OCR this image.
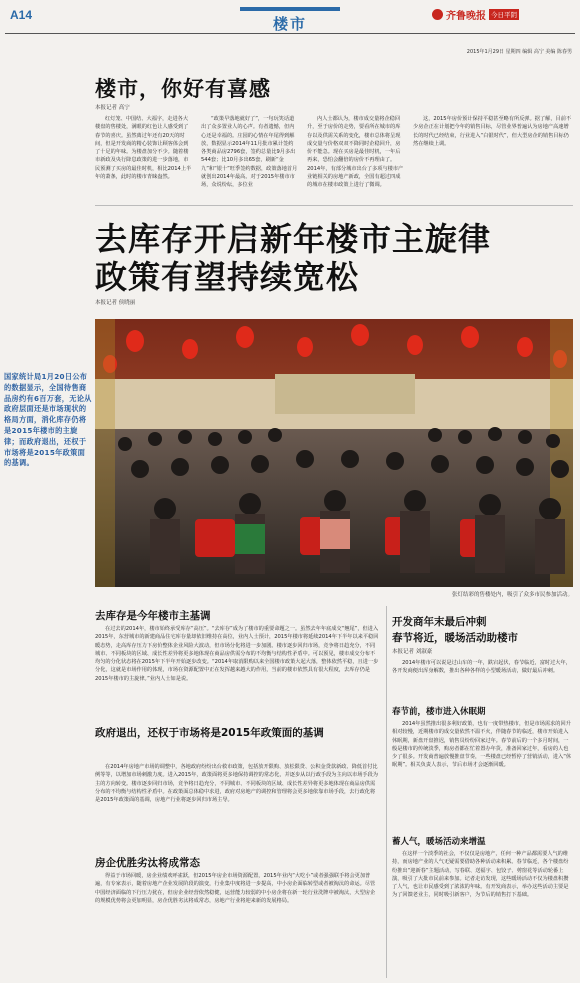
A14	楼市	齐鲁晚报 今日平阴
2015年1月29日 星期四 编辑 高宁 美编 陈春男
楼市，你好有喜感
本报记者 高宁

红灯笼、中国结、大福字，走进各大楼盘的售楼处，满眼的红色让人感受到了春节的喜庆。虽然离过年还有20天的时间，但是开发商的精心装饰让顾客体会到了十足的年味。为楼盘加分不少。随着楼市新政及央行降息政策的进一步落地，市民预测了买房的最佳时机，相比2014上半年的萧条，此时的楼市青睐盎然。

“政策早落地就好了”，一句玩笑话道出了众多置业人的心声。有者遗憾，但内心还是幸福的。庄园的心情在年尾得到解放，数据显示2014年11月批市累计签约各类商品房2796套，签约总量比9月多出544套；比10月多出65套，刷新“金九”和“银十”旺季签约数据，政策落地首月就创出2014年最高。对于2015年楼市市场，众说纷纭，多位业

内人士都认为，楼市成交量将企稳回升，至于房价的走势，要看所在城市的库存以及供需关系的变化，楼市总体将呈现成交量与价格双双不降同时企稳回升，房价不能急。现在买房是最佳时机，一年后再来，恐怕会翻倍的房价不再理由了。2014年，有部分城市出台了多项与楼市产业链相关的房地产新政，全国有超过四成的城市在楼市政策上进行了微调。

这，2015年房价预计保持平稳甚至略有所反弹。据了解，目前不少房企正在计划把今年的销售目标，尽管业界普遍认为房地产高速增长的时代已经结束，行业进入“白银时代”，但大型房企的销售目标仍然在继续上调。

去库存开启新年楼市主旋律
政策有望持续宽松
本报记者 侯晓丽
国家统计局1月20日公布的数据显示，全国待售商品房约有6百万套，无论从政府层面还是市场现状的格局方面，消化库存仍将是2015年楼市的主旋律；而政府退出，还权于市场将是2015年政策面的基调。
张灯结彩的售楼处内，吸引了众多市民参加活动。
去库存是今年楼市主基调

在过去的2014年，楼市始终承受库存“高压”。“去库存”成为了楼市的重要命题之一。虽然去年年底成交“翘尾”，但进入2015年，东营城市的新建商品住宅库存量却依旧维持在高位，业内人士预计，2015年楼市将延续2014年下半年以来平稳回暖态势，走高库存压力下房价整体企业风险大波动，但市场分化将进一步加剧。楼市逐步回归市场，竞争将日趋充分，不同城市、不同板块的区域、成长性差异将更多地体现在商品房供需分布的不均衡与结构性矛盾中。可以预见，楼市成交分布不均匀的分化状态将在2015年下半年开始逐步改变。“2014年取消限购以来全国楼市政策大起大落，整体依然平稳，且进一步分化，这就是市场作用的体现，市场在资源配置中正在发挥越来越大的作用，当前的楼市依然具有很大程度，去库存仍是2015年楼市的主旋律。”业内人士如是说。

政府退出，还权于市场将是2015年政策面的基调

在2014年房地产市场的调整中，各地政府纷纷出台救市政策，包括放开限购、放松限贷、公积金贷款新政、降低首付比例等等，以增加市场刺激力度。进入2015年，政策面将更多地保持调控的常态化，并逐步从以行政手段为主向以市场手段为主的方向转变。楼市逐步回归市场，竞争将日趋充分，不同城市、不同板块的区域、成长性差异将更多地体现在商品房供需分布的不均衡与结构性矛盾中。在政策面总体稳中求进，政府对房地产的调控和管理将会更多地依靠市场手段，去行政化将是2015年政策面的基调，房地产行业将逐步回归市场主导。

房企优胜劣汰将成常态

得益于市场回暖，房企业绩欢呼雀跃，但2015年房企市场资源配置，2015年业内“大吃小”或者强强联手将会更加普遍，有专家表示，随着房地产企业发展阶段的演变，行业集中度将进一步提高，中小房企面临转型或者被淘汰的命运。尽管中国经济面临的下行压力犹在，但房企业经营依然稳健，运营能力较弱的中小房企将在新一轮行业洗牌中被淘汰，大型房企的规模优势将会更加明显，房企优胜劣汰将成常态，房地产行业将迎来新的发展格局。

开发商年末最后冲刺
春节将近，暖场活动助楼市
本报记者 刘淑豪

2014年楼市可以说是过山车的一年，跌宕起伏，春节临近，富时过大年，各开发商便出浑身解数，推出各种各样的小型暖场活动，做好最后冲刺。

春节前，楼市进入休眠期

2014年虽然推出很多利好政策，也有一度带热楼市，但是市场需求的回升相对较慢，近期楼市的成交量依然不温不火，伴随春节的临近，楼市开始进入休眠期，新盘开盘推迟，销售员纷纷回家过年。春节前后的一个多月时间，一般是楼市的传统淡季，购房者都在忙着置办年货，准备回家过年，看房的人也少了很多。开发商普遍放慢推盘节奏，一些楼盘已经暂停了营销活动，进入“休眠期”。相关负责人表示，节后市场才会逐渐回暖。

蓄人气，暖场活动来增温

在这样一个淡季的社会，不仅仅是房地产，任何一种产品都需要人气的维持，而房地产业的人气无疑需要借助各种活动来积累。春节临近，各个楼盘纷纷推出“迎新春”主题活动，写春联、送福字、包饺子、剪窗花等活动轮番上演，吸引了大批市民前来参加。记者走访发现，这些暖场活动不仅为楼盘积攒了人气，也让市民感受到了浓浓的年味。有开发商表示，举办这些活动主要是为了回馈老业主，同时吸引新客户，为节后的销售打下基础。
